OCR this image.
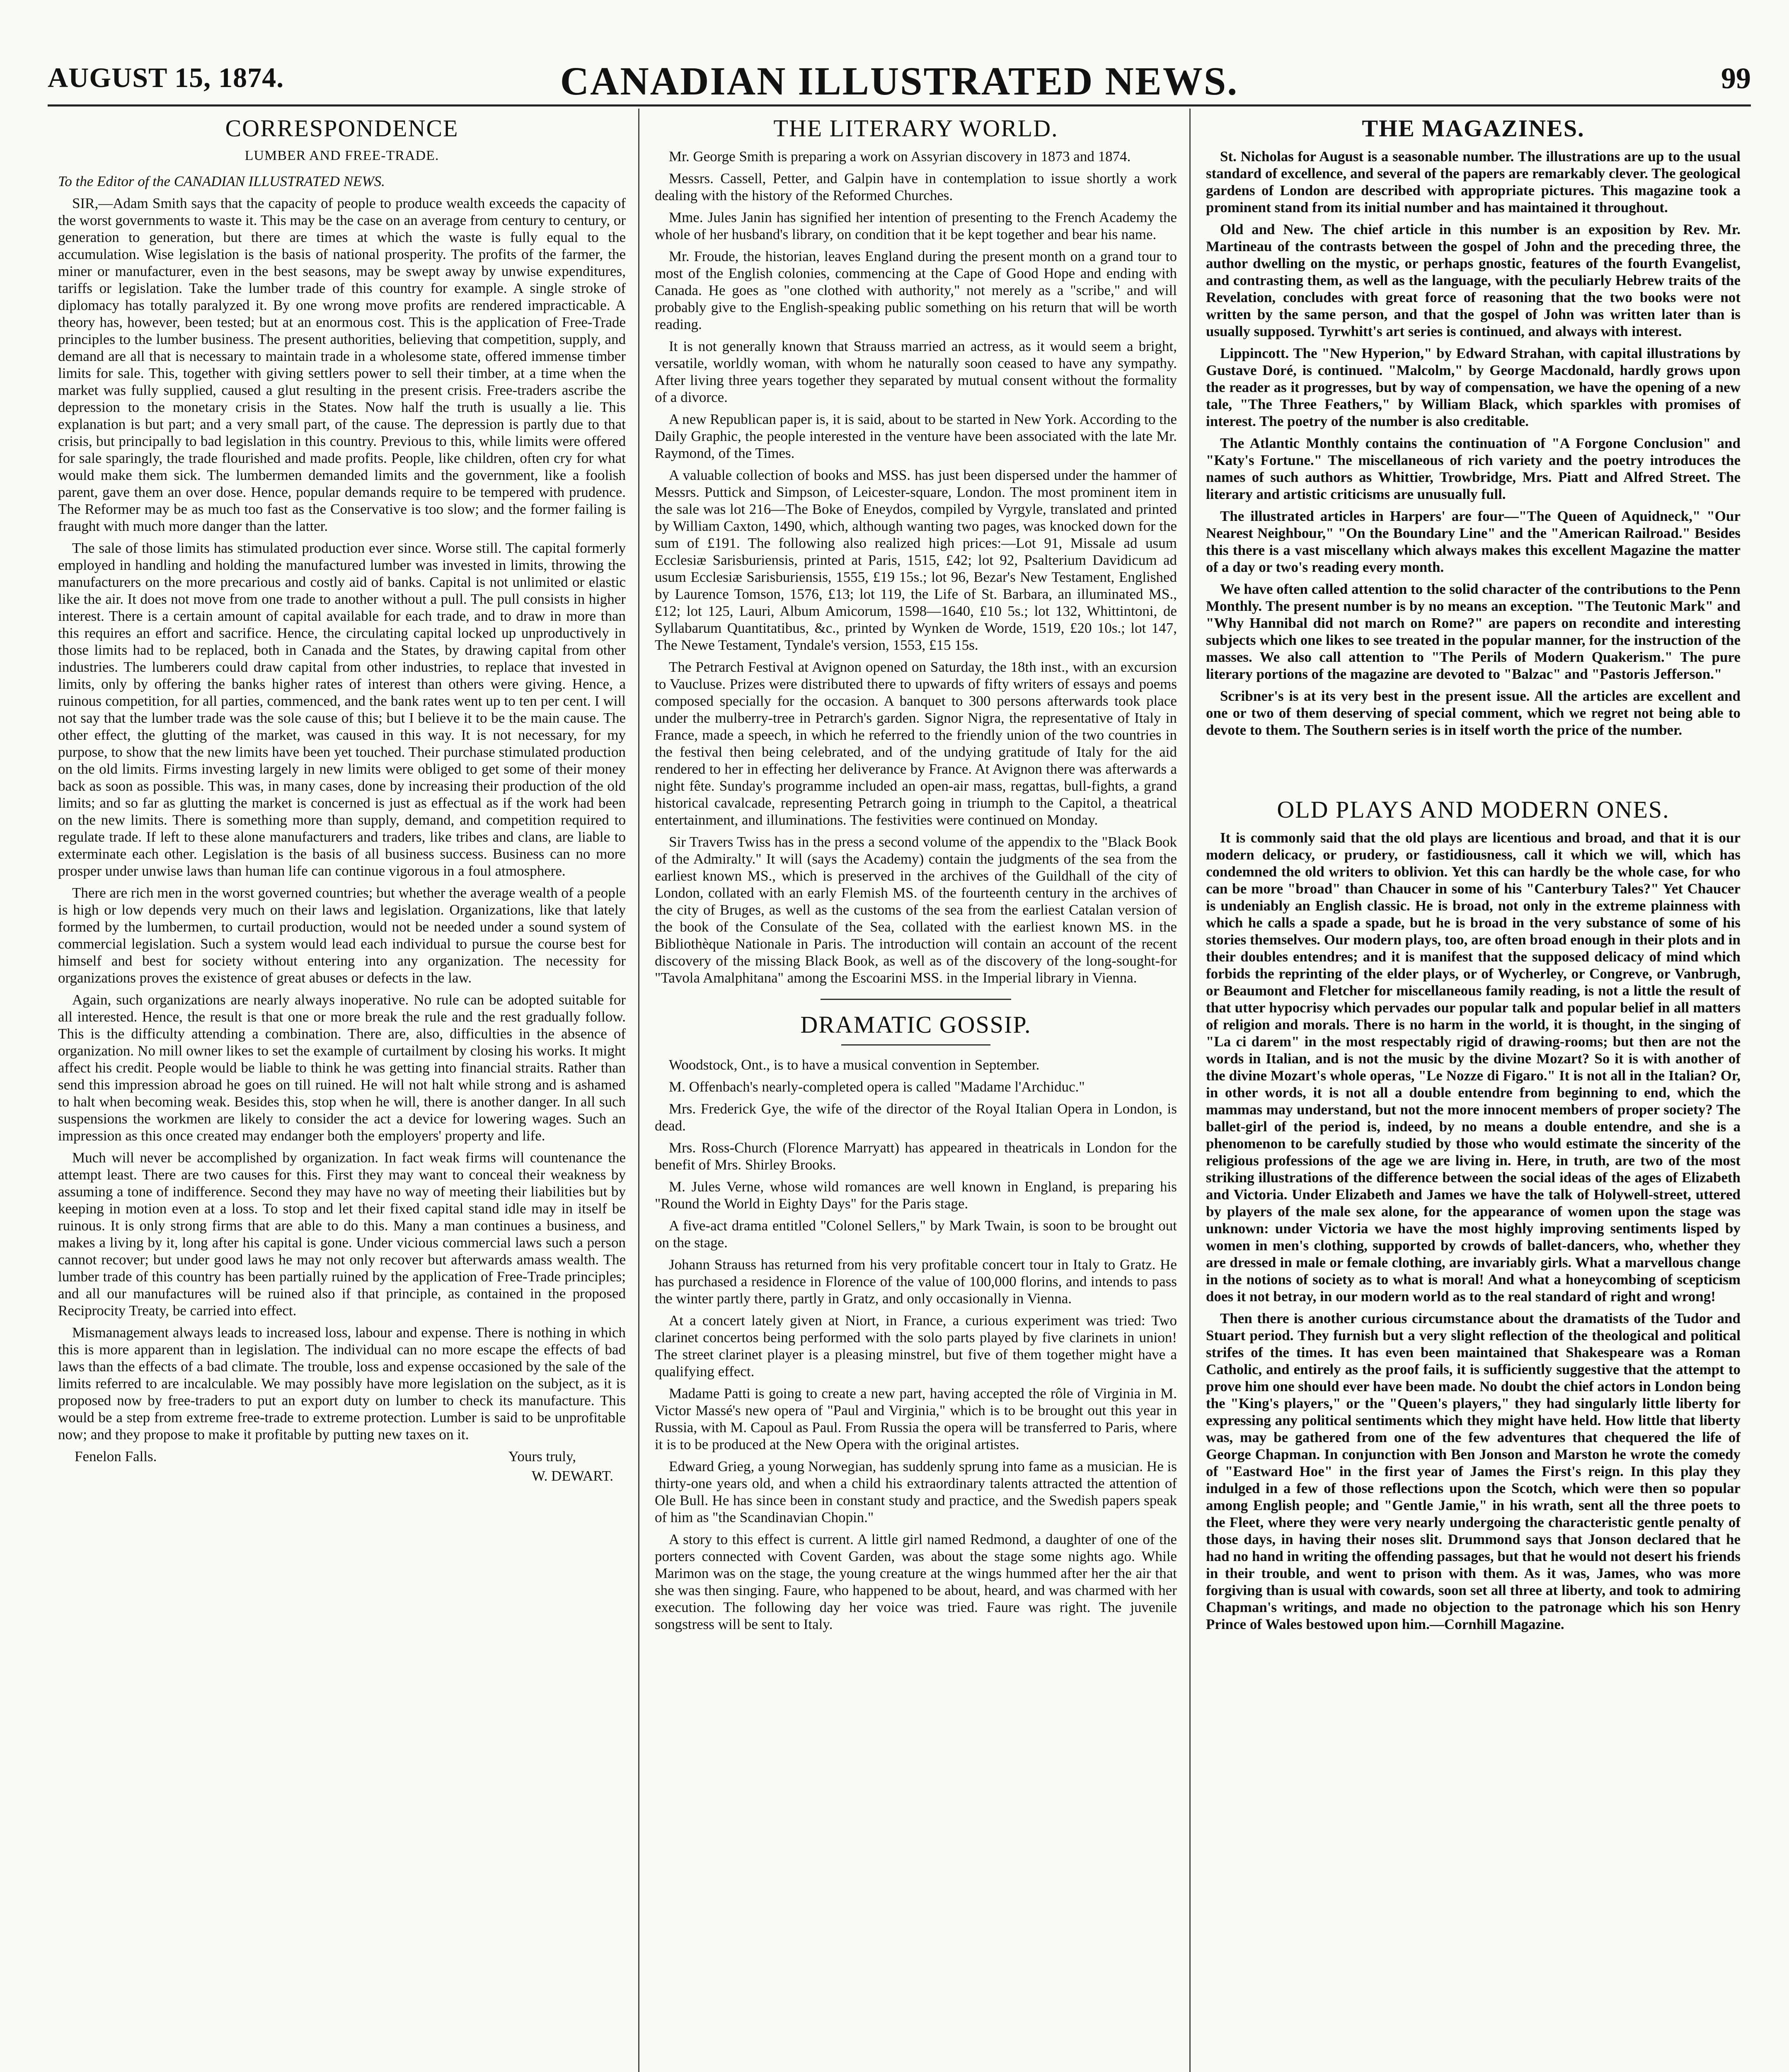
AUGUST 15, 1874.	CANADIAN ILLUSTRATED NEWS.	99
CORRESPONDENCE
LUMBER AND FREE-TRADE.

To the Editor of the CANADIAN ILLUSTRATED NEWS.

SIR,—Adam Smith says that the capacity of people to produce wealth exceeds the capacity of the worst governments to waste it. This may be the case on an average from century to century, or generation to generation, but there are times at which the waste is fully equal to the accumulation. Wise legislation is the basis of national prosperity. The profits of the farmer, the miner or manufacturer, even in the best seasons, may be swept away by unwise expenditures, tariffs or legislation. Take the lumber trade of this country for example. A single stroke of diplomacy has totally paralyzed it. By one wrong move profits are rendered impracticable. A theory has, however, been tested; but at an enormous cost. This is the application of Free-Trade principles to the lumber business. The present authorities, believing that competition, supply, and demand are all that is necessary to maintain trade in a wholesome state, offered immense timber limits for sale. This, together with giving settlers power to sell their timber, at a time when the market was fully supplied, caused a glut resulting in the present crisis. Free-traders ascribe the depression to the monetary crisis in the States. Now half the truth is usually a lie. This explanation is but part; and a very small part, of the cause. The depression is partly due to that crisis, but principally to bad legislation in this country. Previous to this, while limits were offered for sale sparingly, the trade flourished and made profits. People, like children, often cry for what would make them sick. The lumbermen demanded limits and the government, like a foolish parent, gave them an over dose. Hence, popular demands require to be tempered with prudence. The Reformer may be as much too fast as the Conservative is too slow; and the former failing is fraught with much more danger than the latter.

The sale of those limits has stimulated production ever since. Worse still. The capital formerly employed in handling and holding the manufactured lumber was invested in limits, throwing the manufacturers on the more precarious and costly aid of banks. Capital is not unlimited or elastic like the air. It does not move from one trade to another without a pull. The pull consists in higher interest. There is a certain amount of capital available for each trade, and to draw in more than this requires an effort and sacrifice. Hence, the circulating capital locked up unproductively in those limits had to be replaced, both in Canada and the States, by drawing capital from other industries. The lumberers could draw capital from other industries, to replace that invested in limits, only by offering the banks higher rates of interest than others were giving. Hence, a ruinous competition, for all parties, commenced, and the bank rates went up to ten per cent. I will not say that the lumber trade was the sole cause of this; but I believe it to be the main cause. The other effect, the glutting of the market, was caused in this way. It is not necessary, for my purpose, to show that the new limits have been yet touched. Their purchase stimulated production on the old limits. Firms investing largely in new limits were obliged to get some of their money back as soon as possible. This was, in many cases, done by increasing their production of the old limits; and so far as glutting the market is concerned is just as effectual as if the work had been on the new limits. There is something more than supply, demand, and competition required to regulate trade. If left to these alone manufacturers and traders, like tribes and clans, are liable to exterminate each other. Legislation is the basis of all business success. Business can no more prosper under unwise laws than human life can continue vigorous in a foul atmosphere.

There are rich men in the worst governed countries; but whether the average wealth of a people is high or low depends very much on their laws and legislation. Organizations, like that lately formed by the lumbermen, to curtail production, would not be needed under a sound system of commercial legislation. Such a system would lead each individual to pursue the course best for himself and best for society without entering into any organization. The necessity for organizations proves the existence of great abuses or defects in the law.

Again, such organizations are nearly always inoperative. No rule can be adopted suitable for all interested. Hence, the result is that one or more break the rule and the rest gradually follow. This is the difficulty attending a combination. There are, also, difficulties in the absence of organization. No mill owner likes to set the example of curtailment by closing his works. It might affect his credit. People would be liable to think he was getting into financial straits. Rather than send this impression abroad he goes on till ruined. He will not halt while strong and is ashamed to halt when becoming weak. Besides this, stop when he will, there is another danger. In all such suspensions the workmen are likely to consider the act a device for lowering wages. Such an impression as this once created may endanger both the employers' property and life.

Much will never be accomplished by organization. In fact weak firms will countenance the attempt least. There are two causes for this. First they may want to conceal their weakness by assuming a tone of indifference. Second they may have no way of meeting their liabilities but by keeping in motion even at a loss. To stop and let their fixed capital stand idle may in itself be ruinous. It is only strong firms that are able to do this. Many a man continues a business, and makes a living by it, long after his capital is gone. Under vicious commercial laws such a person cannot recover; but under good laws he may not only recover but afterwards amass wealth. The lumber trade of this country has been partially ruined by the application of Free-Trade principles; and all our manufactures will be ruined also if that principle, as contained in the proposed Reciprocity Treaty, be carried into effect.

Mismanagement always leads to increased loss, labour and expense. There is nothing in which this is more apparent than in legislation. The individual can no more escape the effects of bad laws than the effects of a bad climate. The trouble, loss and expense occasioned by the sale of the limits referred to are incalculable. We may possibly have more legislation on the subject, as it is proposed now by free-traders to put an export duty on lumber to check its manufacture. This would be a step from extreme free-trade to extreme protection. Lumber is said to be unprofitable now; and they propose to make it profitable by putting new taxes on it.

Fenelon Falls.	Yours truly,
W. DEWART.
THE LITERARY WORLD.

Mr. George Smith is preparing a work on Assyrian discovery in 1873 and 1874.

Messrs. Cassell, Petter, and Galpin have in contemplation to issue shortly a work dealing with the history of the Reformed Churches.

Mme. Jules Janin has signified her intention of presenting to the French Academy the whole of her husband's library, on condition that it be kept together and bear his name.

Mr. Froude, the historian, leaves England during the present month on a grand tour to most of the English colonies, commencing at the Cape of Good Hope and ending with Canada. He goes as "one clothed with authority," not merely as a "scribe," and will probably give to the English-speaking public something on his return that will be worth reading.

It is not generally known that Strauss married an actress, as it would seem a bright, versatile, worldly woman, with whom he naturally soon ceased to have any sympathy. After living three years together they separated by mutual consent without the formality of a divorce.

A new Republican paper is, it is said, about to be started in New York. According to the Daily Graphic, the people interested in the venture have been associated with the late Mr. Raymond, of the Times.

A valuable collection of books and MSS. has just been dispersed under the hammer of Messrs. Puttick and Simpson, of Leicester-square, London. The most prominent item in the sale was lot 216—The Boke of Eneydos, compiled by Vyrgyle, translated and printed by William Caxton, 1490, which, although wanting two pages, was knocked down for the sum of £191. The following also realized high prices:—Lot 91, Missale ad usum Ecclesiæ Sarisburiensis, printed at Paris, 1515, £42; lot 92, Psalterium Davidicum ad usum Ecclesiæ Sarisburiensis, 1555, £19 15s.; lot 96, Bezar's New Testament, Englished by Laurence Tomson, 1576, £13; lot 119, the Life of St. Barbara, an illuminated MS., £12; lot 125, Lauri, Album Amicorum, 1598—1640, £10 5s.; lot 132, Whittintoni, de Syllabarum Quantitatibus, &c., printed by Wynken de Worde, 1519, £20 10s.; lot 147, The Newe Testament, Tyndale's version, 1553, £15 15s.

The Petrarch Festival at Avignon opened on Saturday, the 18th inst., with an excursion to Vaucluse. Prizes were distributed there to upwards of fifty writers of essays and poems composed specially for the occasion. A banquet to 300 persons afterwards took place under the mulberry-tree in Petrarch's garden. Signor Nigra, the representative of Italy in France, made a speech, in which he referred to the friendly union of the two countries in the festival then being celebrated, and of the undying gratitude of Italy for the aid rendered to her in effecting her deliverance by France. At Avignon there was afterwards a night fête. Sunday's programme included an open-air mass, regattas, bull-fights, a grand historical cavalcade, representing Petrarch going in triumph to the Capitol, a theatrical entertainment, and illuminations. The festivities were continued on Monday.

Sir Travers Twiss has in the press a second volume of the appendix to the "Black Book of the Admiralty." It will (says the Academy) contain the judgments of the sea from the earliest known MS., which is preserved in the archives of the Guildhall of the city of London, collated with an early Flemish MS. of the fourteenth century in the archives of the city of Bruges, as well as the customs of the sea from the earliest Catalan version of the book of the Consulate of the Sea, collated with the earliest known MS. in the Bibliothèque Nationale in Paris. The introduction will contain an account of the recent discovery of the missing Black Book, as well as of the discovery of the long-sought-for "Tavola Amalphitana" among the Escoarini MSS. in the Imperial library in Vienna.

DRAMATIC GOSSIP.

Woodstock, Ont., is to have a musical convention in September.

M. Offenbach's nearly-completed opera is called "Madame l'Archiduc."

Mrs. Frederick Gye, the wife of the director of the Royal Italian Opera in London, is dead.

Mrs. Ross-Church (Florence Marryatt) has appeared in theatricals in London for the benefit of Mrs. Shirley Brooks.

M. Jules Verne, whose wild romances are well known in England, is preparing his "Round the World in Eighty Days" for the Paris stage.

A five-act drama entitled "Colonel Sellers," by Mark Twain, is soon to be brought out on the stage.

Johann Strauss has returned from his very profitable concert tour in Italy to Gratz. He has purchased a residence in Florence of the value of 100,000 florins, and intends to pass the winter partly there, partly in Gratz, and only occasionally in Vienna.

At a concert lately given at Niort, in France, a curious experiment was tried: Two clarinet concertos being performed with the solo parts played by five clarinets in union! The street clarinet player is a pleasing minstrel, but five of them together might have a qualifying effect.

Madame Patti is going to create a new part, having accepted the rôle of Virginia in M. Victor Massé's new opera of "Paul and Virginia," which is to be brought out this year in Russia, with M. Capoul as Paul. From Russia the opera will be transferred to Paris, where it is to be produced at the New Opera with the original artistes.

Edward Grieg, a young Norwegian, has suddenly sprung into fame as a musician. He is thirty-one years old, and when a child his extraordinary talents attracted the attention of Ole Bull. He has since been in constant study and practice, and the Swedish papers speak of him as "the Scandinavian Chopin."

A story to this effect is current. A little girl named Redmond, a daughter of one of the porters connected with Covent Garden, was about the stage some nights ago. While Marimon was on the stage, the young creature at the wings hummed after her the air that she was then singing. Faure, who happened to be about, heard, and was charmed with her execution. The following day her voice was tried. Faure was right. The juvenile songstress will be sent to Italy.

THE MAGAZINES.

St. Nicholas for August is a seasonable number. The illustrations are up to the usual standard of excellence, and several of the papers are remarkably clever. The geological gardens of London are described with appropriate pictures. This magazine took a prominent stand from its initial number and has maintained it throughout.

Old and New. The chief article in this number is an exposition by Rev. Mr. Martineau of the contrasts between the gospel of John and the preceding three, the author dwelling on the mystic, or perhaps gnostic, features of the fourth Evangelist, and contrasting them, as well as the language, with the peculiarly Hebrew traits of the Revelation, concludes with great force of reasoning that the two books were not written by the same person, and that the gospel of John was written later than is usually supposed. Tyrwhitt's art series is continued, and always with interest.

Lippincott. The "New Hyperion," by Edward Strahan, with capital illustrations by Gustave Doré, is continued. "Malcolm," by George Macdonald, hardly grows upon the reader as it progresses, but by way of compensation, we have the opening of a new tale, "The Three Feathers," by William Black, which sparkles with promises of interest. The poetry of the number is also creditable.

The Atlantic Monthly contains the continuation of "A Forgone Conclusion" and "Katy's Fortune." The miscellaneous of rich variety and the poetry introduces the names of such authors as Whittier, Trowbridge, Mrs. Piatt and Alfred Street. The literary and artistic criticisms are unusually full.

The illustrated articles in Harpers' are four—"The Queen of Aquidneck," "Our Nearest Neighbour," "On the Boundary Line" and the "American Railroad." Besides this there is a vast miscellany which always makes this excellent Magazine the matter of a day or two's reading every month.

We have often called attention to the solid character of the contributions to the Penn Monthly. The present number is by no means an exception. "The Teutonic Mark" and "Why Hannibal did not march on Rome?" are papers on recondite and interesting subjects which one likes to see treated in the popular manner, for the instruction of the masses. We also call attention to "The Perils of Modern Quakerism." The pure literary portions of the magazine are devoted to "Balzac" and "Pastoris Jefferson."

Scribner's is at its very best in the present issue. All the articles are excellent and one or two of them deserving of special comment, which we regret not being able to devote to them. The Southern series is in itself worth the price of the number.

OLD PLAYS AND MODERN ONES.

It is commonly said that the old plays are licentious and broad, and that it is our modern delicacy, or prudery, or fastidiousness, call it which we will, which has condemned the old writers to oblivion. Yet this can hardly be the whole case, for who can be more "broad" than Chaucer in some of his "Canterbury Tales?" Yet Chaucer is undeniably an English classic. He is broad, not only in the extreme plainness with which he calls a spade a spade, but he is broad in the very substance of some of his stories themselves. Our modern plays, too, are often broad enough in their plots and in their doubles entendres; and it is manifest that the supposed delicacy of mind which forbids the reprinting of the elder plays, or of Wycherley, or Congreve, or Vanbrugh, or Beaumont and Fletcher for miscellaneous family reading, is not a little the result of that utter hypocrisy which pervades our popular talk and popular belief in all matters of religion and morals. There is no harm in the world, it is thought, in the singing of "La ci darem" in the most respectably rigid of drawing-rooms; but then are not the words in Italian, and is not the music by the divine Mozart? So it is with another of the divine Mozart's whole operas, "Le Nozze di Figaro." It is not all in the Italian? Or, in other words, it is not all a double entendre from beginning to end, which the mammas may understand, but not the more innocent members of proper society? The ballet-girl of the period is, indeed, by no means a double entendre, and she is a phenomenon to be carefully studied by those who would estimate the sincerity of the religious professions of the age we are living in. Here, in truth, are two of the most striking illustrations of the difference between the social ideas of the ages of Elizabeth and Victoria. Under Elizabeth and James we have the talk of Holywell-street, uttered by players of the male sex alone, for the appearance of women upon the stage was unknown: under Victoria we have the most highly improving sentiments lisped by women in men's clothing, supported by crowds of ballet-dancers, who, whether they are dressed in male or female clothing, are invariably girls. What a marvellous change in the notions of society as to what is moral! And what a honeycombing of scepticism does it not betray, in our modern world as to the real standard of right and wrong!

Then there is another curious circumstance about the dramatists of the Tudor and Stuart period. They furnish but a very slight reflection of the theological and political strifes of the times. It has even been maintained that Shakespeare was a Roman Catholic, and entirely as the proof fails, it is sufficiently suggestive that the attempt to prove him one should ever have been made. No doubt the chief actors in London being the "King's players," or the "Queen's players," they had singularly little liberty for expressing any political sentiments which they might have held. How little that liberty was, may be gathered from one of the few adventures that chequered the life of George Chapman. In conjunction with Ben Jonson and Marston he wrote the comedy of "Eastward Hoe" in the first year of James the First's reign. In this play they indulged in a few of those reflections upon the Scotch, which were then so popular among English people; and "Gentle Jamie," in his wrath, sent all the three poets to the Fleet, where they were very nearly undergoing the characteristic gentle penalty of those days, in having their noses slit. Drummond says that Jonson declared that he had no hand in writing the offending passages, but that he would not desert his friends in their trouble, and went to prison with them. As it was, James, who was more forgiving than is usual with cowards, soon set all three at liberty, and took to admiring Chapman's writings, and made no objection to the patronage which his son Henry Prince of Wales bestowed upon him.—Cornhill Magazine.
